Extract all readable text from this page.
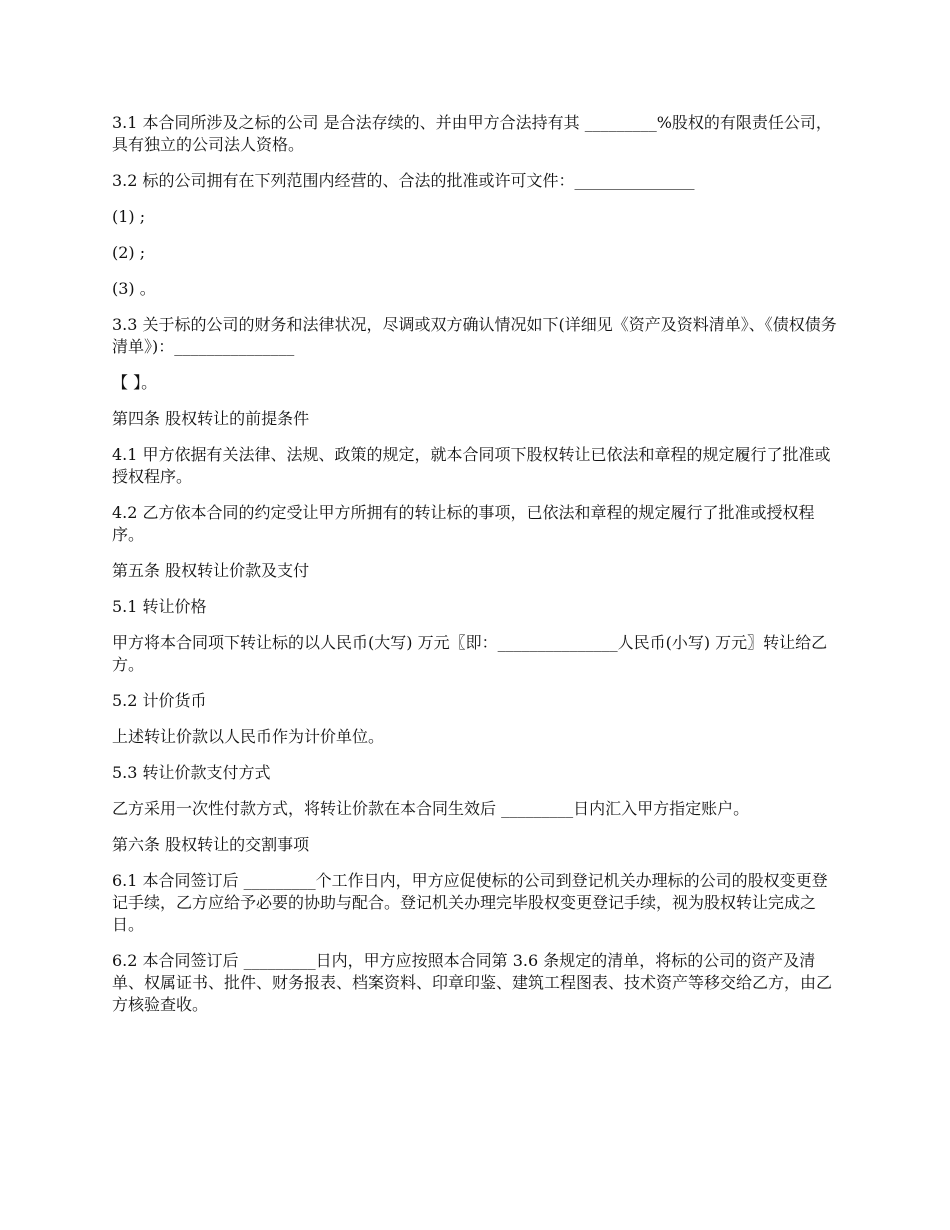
3.1 本合同所涉及之标的公司 是合法存续的、并由甲方合法持有其 _________%股权的有限责任公司，具有独立的公司法人资格。

3.2 标的公司拥有在下列范围内经营的、合法的批准或许可文件：_______________

(1) ;

(2) ;

(3) 。

3.3 关于标的公司的财务和法律状况，尽调或双方确认情况如下(详细见《资产及资料清单》、《债权债务清单》)：_______________

【 】。

第四条 股权转让的前提条件

4.1 甲方依据有关法律、法规、政策的规定，就本合同项下股权转让已依法和章程的规定履行了批准或授权程序。

4.2 乙方依本合同的约定受让甲方所拥有的转让标的事项，已依法和章程的规定履行了批准或授权程序。

第五条 股权转让价款及支付

5.1 转让价格

甲方将本合同项下转让标的以人民币(大写) 万元〖即：_______________人民币(小写) 万元〗转让给乙方。

5.2 计价货币

上述转让价款以人民币作为计价单位。

5.3 转让价款支付方式

乙方采用一次性付款方式，将转让价款在本合同生效后 _________日内汇入甲方指定账户。

第六条 股权转让的交割事项

6.1 本合同签订后 _________个工作日内，甲方应促使标的公司到登记机关办理标的公司的股权变更登记手续，乙方应给予必要的协助与配合。登记机关办理完毕股权变更登记手续，视为股权转让完成之日。

6.2 本合同签订后 _________日内，甲方应按照本合同第 3.6 条规定的清单，将标的公司的资产及清单、权属证书、批件、财务报表、档案资料、印章印鉴、建筑工程图表、技术资产等移交给乙方，由乙方核验查收。
